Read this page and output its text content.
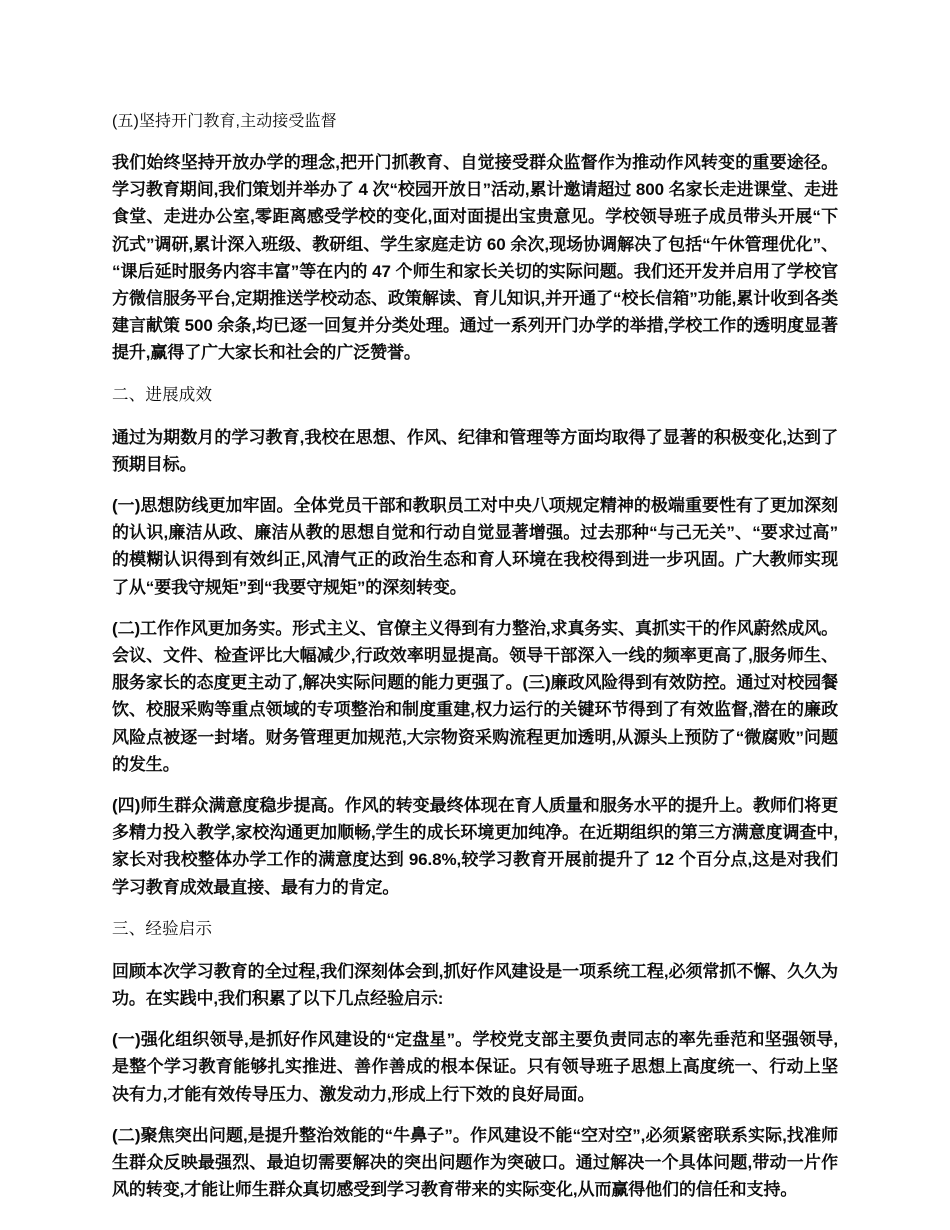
(五)坚持开门教育,主动接受监督

我们始终坚持开放办学的理念,把开门抓教育、自觉接受群众监督作为推动作风转变的重要途径。学习教育期间,我们策划并举办了 4 次“校园开放日”活动,累计邀请超过 800 名家长走进课堂、走进食堂、走进办公室,零距离感受学校的变化,面对面提出宝贵意见。学校领导班子成员带头开展“下沉式”调研,累计深入班级、教研组、学生家庭走访 60 余次,现场协调解决了包括“午休管理优化”、“课后延时服务内容丰富”等在内的 47 个师生和家长关切的实际问题。我们还开发并启用了学校官方微信服务平台,定期推送学校动态、政策解读、育儿知识,并开通了“校长信箱”功能,累计收到各类建言献策 500 余条,均已逐一回复并分类处理。通过一系列开门办学的举措,学校工作的透明度显著提升,赢得了广大家长和社会的广泛赞誉。

二、进展成效

通过为期数月的学习教育,我校在思想、作风、纪律和管理等方面均取得了显著的积极变化,达到了预期目标。

(一)思想防线更加牢固。全体党员干部和教职员工对中央八项规定精神的极端重要性有了更加深刻的认识,廉洁从政、廉洁从教的思想自觉和行动自觉显著增强。过去那种“与己无关”、“要求过高”的模糊认识得到有效纠正,风清气正的政治生态和育人环境在我校得到进一步巩固。广大教师实现了从“要我守规矩”到“我要守规矩”的深刻转变。

(二)工作作风更加务实。形式主义、官僚主义得到有力整治,求真务实、真抓实干的作风蔚然成风。会议、文件、检查评比大幅减少,行政效率明显提高。领导干部深入一线的频率更高了,服务师生、服务家长的态度更主动了,解决实际问题的能力更强了。(三)廉政风险得到有效防控。通过对校园餐饮、校服采购等重点领域的专项整治和制度重建,权力运行的关键环节得到了有效监督,潜在的廉政风险点被逐一封堵。财务管理更加规范,大宗物资采购流程更加透明,从源头上预防了“微腐败”问题的发生。

(四)师生群众满意度稳步提高。作风的转变最终体现在育人质量和服务水平的提升上。教师们将更多精力投入教学,家校沟通更加顺畅,学生的成长环境更加纯净。在近期组织的第三方满意度调查中,家长对我校整体办学工作的满意度达到 96.8%,较学习教育开展前提升了 12 个百分点,这是对我们学习教育成效最直接、最有力的肯定。

三、经验启示

回顾本次学习教育的全过程,我们深刻体会到,抓好作风建设是一项系统工程,必须常抓不懈、久久为功。在实践中,我们积累了以下几点经验启示:

(一)强化组织领导,是抓好作风建设的“定盘星”。学校党支部主要负责同志的率先垂范和坚强领导,是整个学习教育能够扎实推进、善作善成的根本保证。只有领导班子思想上高度统一、行动上坚决有力,才能有效传导压力、激发动力,形成上行下效的良好局面。

(二)聚焦突出问题,是提升整治效能的“牛鼻子”。作风建设不能“空对空”,必须紧密联系实际,找准师生群众反映最强烈、最迫切需要解决的突出问题作为突破口。通过解决一个具体问题,带动一片作风的转变,才能让师生群众真切感受到学习教育带来的实际变化,从而赢得他们的信任和支持。
